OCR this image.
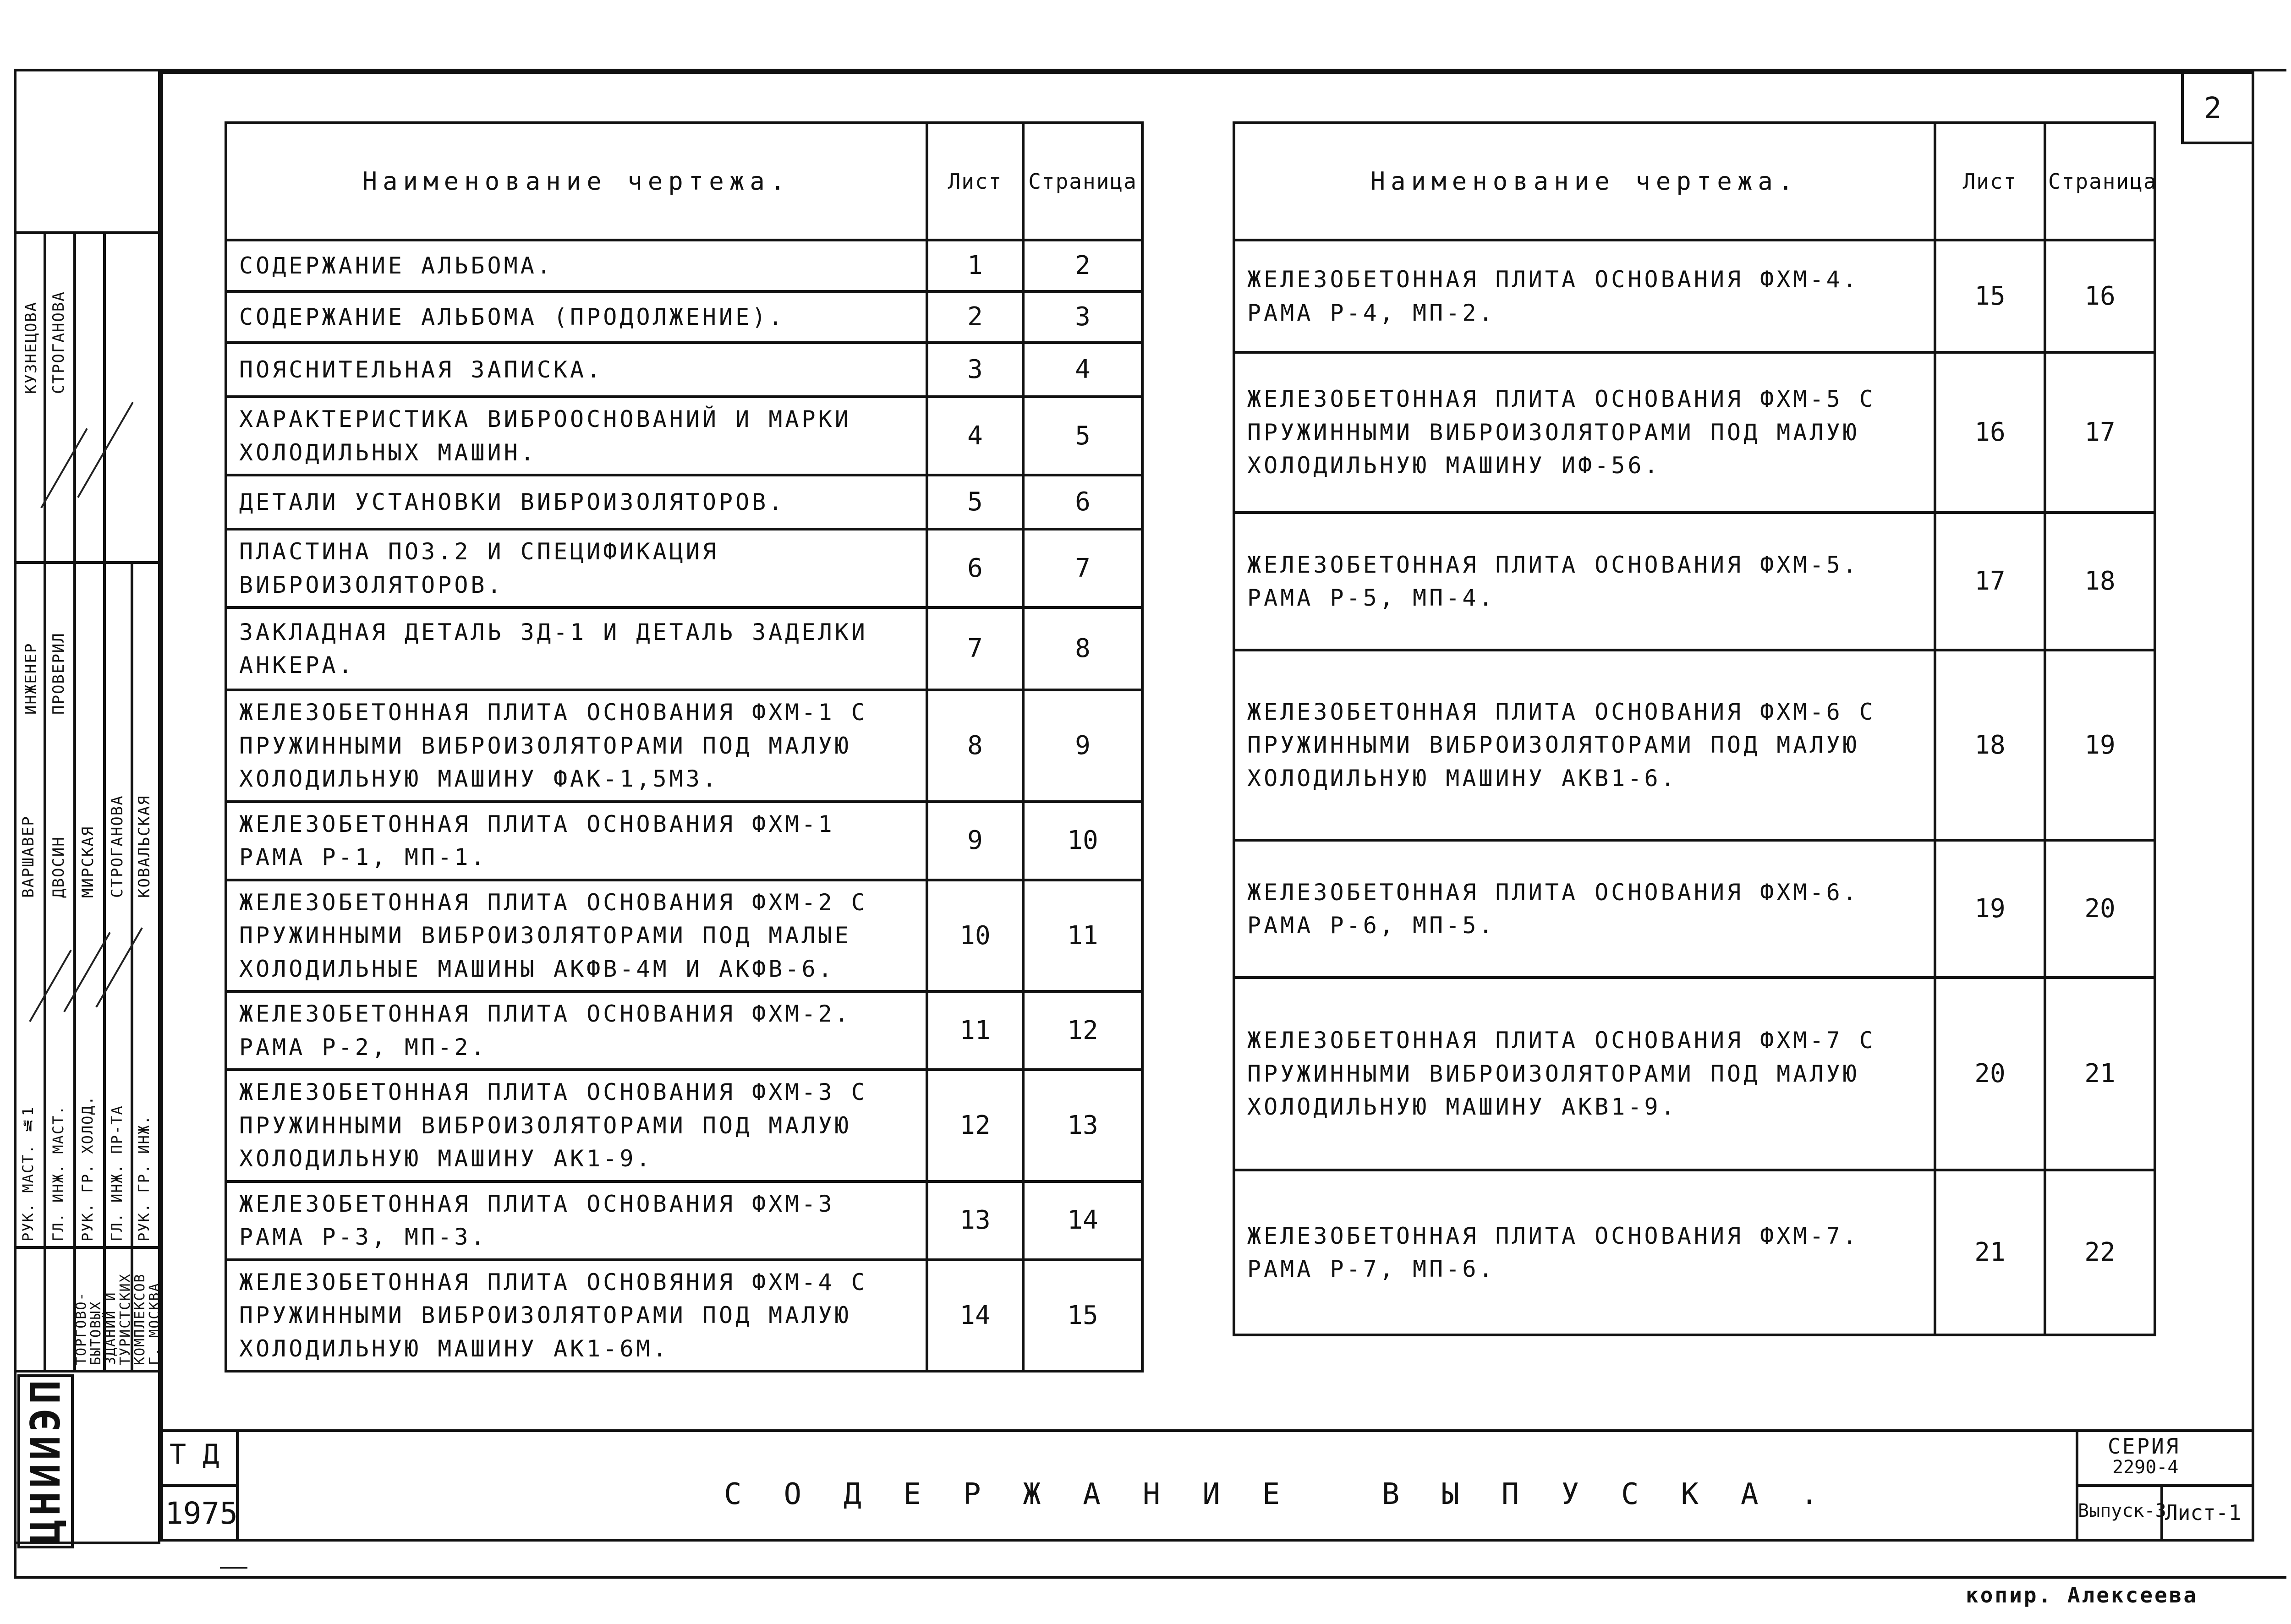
2
Наименование чертежа.	Лист	Страница
СОДЕРЖАНИЕ АЛЬБОМА.	1	2
СОДЕРЖАНИЕ АЛЬБОМА (ПРОДОЛЖЕНИЕ).	2	3
ПОЯСНИТЕЛЬНАЯ ЗАПИСКА.	3	4
ХАРАКТЕРИСТИКА ВИБРООСНОВАНИЙ И МАРКИ ХОЛОДИЛЬНЫХ МАШИН.	4	5
ДЕТАЛИ УСТАНОВКИ ВИБРОИЗОЛЯТОРОВ.	5	6
ПЛАСТИНА ПОЗ.2 И СПЕЦИФИКАЦИЯ ВИБРОИЗОЛЯТОРОВ.	6	7
ЗАКЛАДНАЯ ДЕТАЛЬ ЗД-1 И ДЕТАЛЬ ЗАДЕЛКИ АНКЕРА.	7	8
ЖЕЛЕЗОБЕТОННАЯ ПЛИТА ОСНОВАНИЯ ФХМ-1 С ПРУЖИННЫМИ ВИБРОИЗОЛЯТОРАМИ ПОД МАЛУЮ ХОЛОДИЛЬНУЮ МАШИНУ ФАК-1,5М3.	8	9
ЖЕЛЕЗОБЕТОННАЯ ПЛИТА ОСНОВАНИЯ ФХМ-1 РАМА Р-1, МП-1.	9	10
ЖЕЛЕЗОБЕТОННАЯ ПЛИТА ОСНОВАНИЯ ФХМ-2 С ПРУЖИННЫМИ ВИБРОИЗОЛЯТОРАМИ ПОД МАЛЫЕ ХОЛОДИЛЬНЫЕ МАШИНЫ АКФВ-4М И АКФВ-6.	10	11
ЖЕЛЕЗОБЕТОННАЯ ПЛИТА ОСНОВАНИЯ ФХМ-2. РАМА Р-2, МП-2.	11	12
ЖЕЛЕЗОБЕТОННАЯ ПЛИТА ОСНОВАНИЯ ФХМ-3 С ПРУЖИННЫМИ ВИБРОИЗОЛЯТОРАМИ ПОД МАЛУЮ ХОЛОДИЛЬНУЮ МАШИНУ АК1-9.	12	13
ЖЕЛЕЗОБЕТОННАЯ ПЛИТА ОСНОВАНИЯ ФХМ-3 РАМА Р-3, МП-3.	13	14
ЖЕЛЕЗОБЕТОННАЯ ПЛИТА ОСНОВЯНИЯ ФХМ-4 С ПРУЖИННЫМИ ВИБРОИЗОЛЯТОРАМИ ПОД МАЛУЮ ХОЛОДИЛЬНУЮ МАШИНУ АК1-6М.	14	15
Наименование чертежа.	Лист	Страница
ЖЕЛЕЗОБЕТОННАЯ ПЛИТА ОСНОВАНИЯ ФХМ-4. РАМА Р-4, МП-2.	15	16
ЖЕЛЕЗОБЕТОННАЯ ПЛИТА ОСНОВАНИЯ ФХМ-5 С ПРУЖИННЫМИ ВИБРОИЗОЛЯТОРАМИ ПОД МАЛУЮ ХОЛОДИЛЬНУЮ МАШИНУ ИФ-56.	16	17
ЖЕЛЕЗОБЕТОННАЯ ПЛИТА ОСНОВАНИЯ ФХМ-5. РАМА Р-5, МП-4.	17	18
ЖЕЛЕЗОБЕТОННАЯ ПЛИТА ОСНОВАНИЯ ФХМ-6 С ПРУЖИННЫМИ ВИБРОИЗОЛЯТОРАМИ ПОД МАЛУЮ ХОЛОДИЛЬНУЮ МАШИНУ АКВ1-6.	18	19
ЖЕЛЕЗОБЕТОННАЯ ПЛИТА ОСНОВАНИЯ ФХМ-6. РАМА Р-6, МП-5.	19	20
ЖЕЛЕЗОБЕТОННАЯ ПЛИТА ОСНОВАНИЯ ФХМ-7 С ПРУЖИННЫМИ ВИБРОИЗОЛЯТОРАМИ ПОД МАЛУЮ ХОЛОДИЛЬНУЮ МАШИНУ АКВ1-9.	20	21
ЖЕЛЕЗОБЕТОННАЯ ПЛИТА ОСНОВАНИЯ ФХМ-7. РАМА Р-7, МП-6.	21	22
Т Д
1975
СОДЕРЖАНИЕ ВЫПУСКА.
СЕРИЯ
2290-4
Выпуск-3
Лист-1
копир. Алексеева
КУЗНЕЦОВА СТРОГАНОВА
ИНЖЕНЕР ПРОВЕРИЛ
ВАРШАВЕР ДВОСИН МИРСКАЯ СТРОГАНОВА КОВАЛЬСКАЯ
РУК. МАСТ. №1 ГЛ. ИНЖ. МАСТ. РУК. ГР. ХОЛОД. ГЛ. ИНЖ. ПР-ТА РУК. ГР. ИНЖ.
ЦНИИЭП
ТОРГОВО-
БЫТОВЫХ
ЗДАНИЙ И
ТУРИСТСКИХ
КОМПЛЕКСОВ
Г. МОСКВА
